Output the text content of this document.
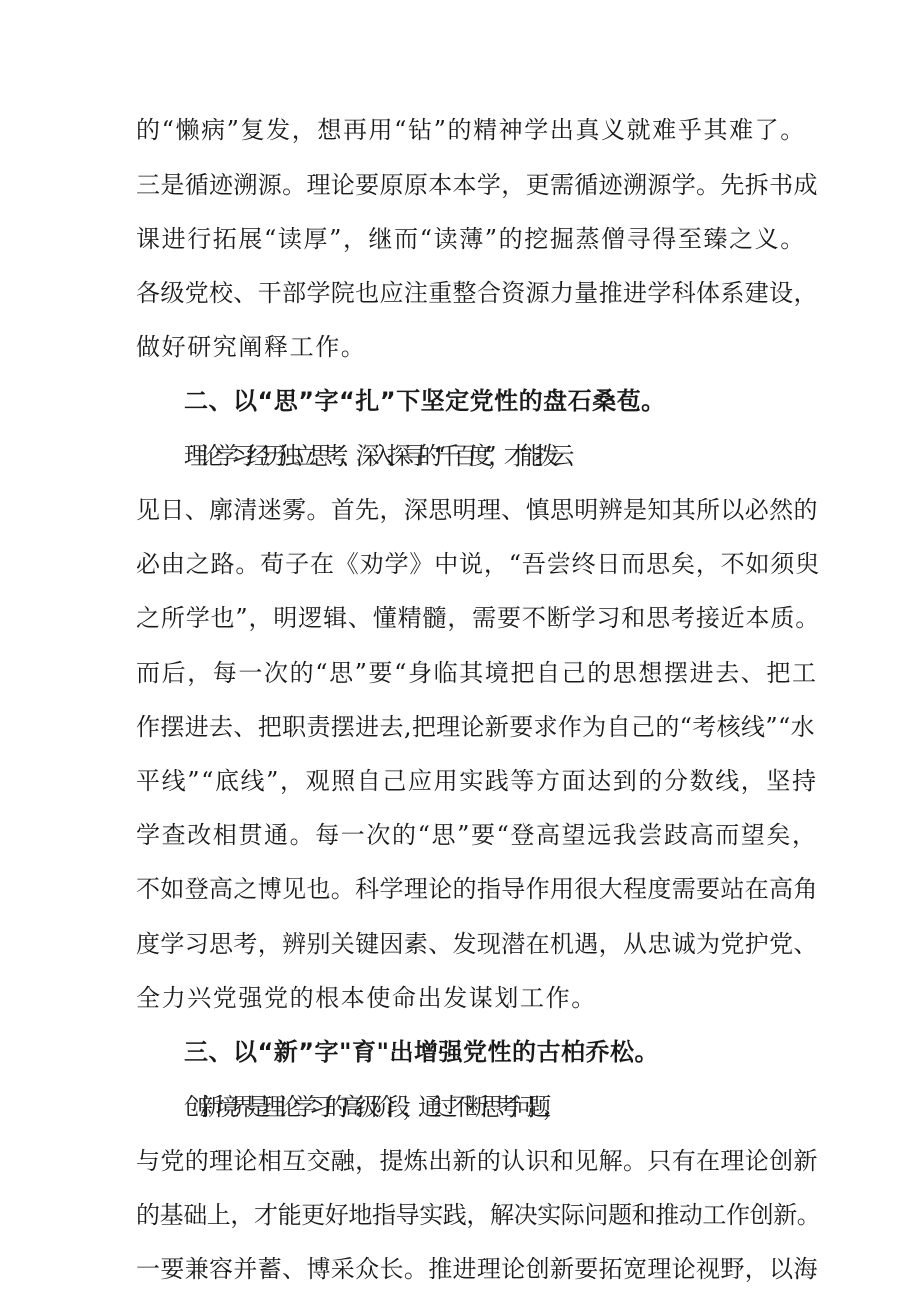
的“懒病”复发，想再用“钻”的精神学出真义就难乎其难了。
三是循迹溯源。理论要原原本本学，更需循迹溯源学。先拆书成
课进行拓展“读厚”，继而“读薄”的挖掘蒸僧寻得至臻之义。
各级党校、干部学院也应注重整合资源力量推进学科体系建设，
做好研究阐释工作。
二、以“思”字“扎”下坚定党性的盘石桑苞。
理论学习经历独立思考、深入探寻的“千百度”，才能拨云
见日、廓清迷雾。首先，深思明理、慎思明辨是知其所以必然的
必由之路。荀子在《劝学》中说，“吾尝终日而思矣，不如须臾
之所学也”，明逻辑、懂精髓，需要不断学习和思考接近本质。
而后，每一次的“思”要“身临其境把自己的思想摆进去、把工
作摆进去、把职责摆进去,把理论新要求作为自己的“考核线”“水
平线”“底线”，观照自己应用实践等方面达到的分数线，坚持
学查改相贯通。每一次的“思”要“登高望远我尝跂高而望矣，
不如登高之博见也。科学理论的指导作用很大程度需要站在高角
度学习思考，辨别关键因素、发现潜在机遇，从忠诚为党护党、
全力兴党强党的根本使命出发谋划工作。
三、以“新”字"育"出增强党性的古柏乔松。
创新境界是理论学习的高级阶段，通过不断思考问题，
与党的理论相互交融，提炼出新的认识和见解。只有在理论创新
的基础上，才能更好地指导实践，解决实际问题和推动工作创新。
一要兼容并蓄、博采众长。推进理论创新要拓宽理论视野，以海
